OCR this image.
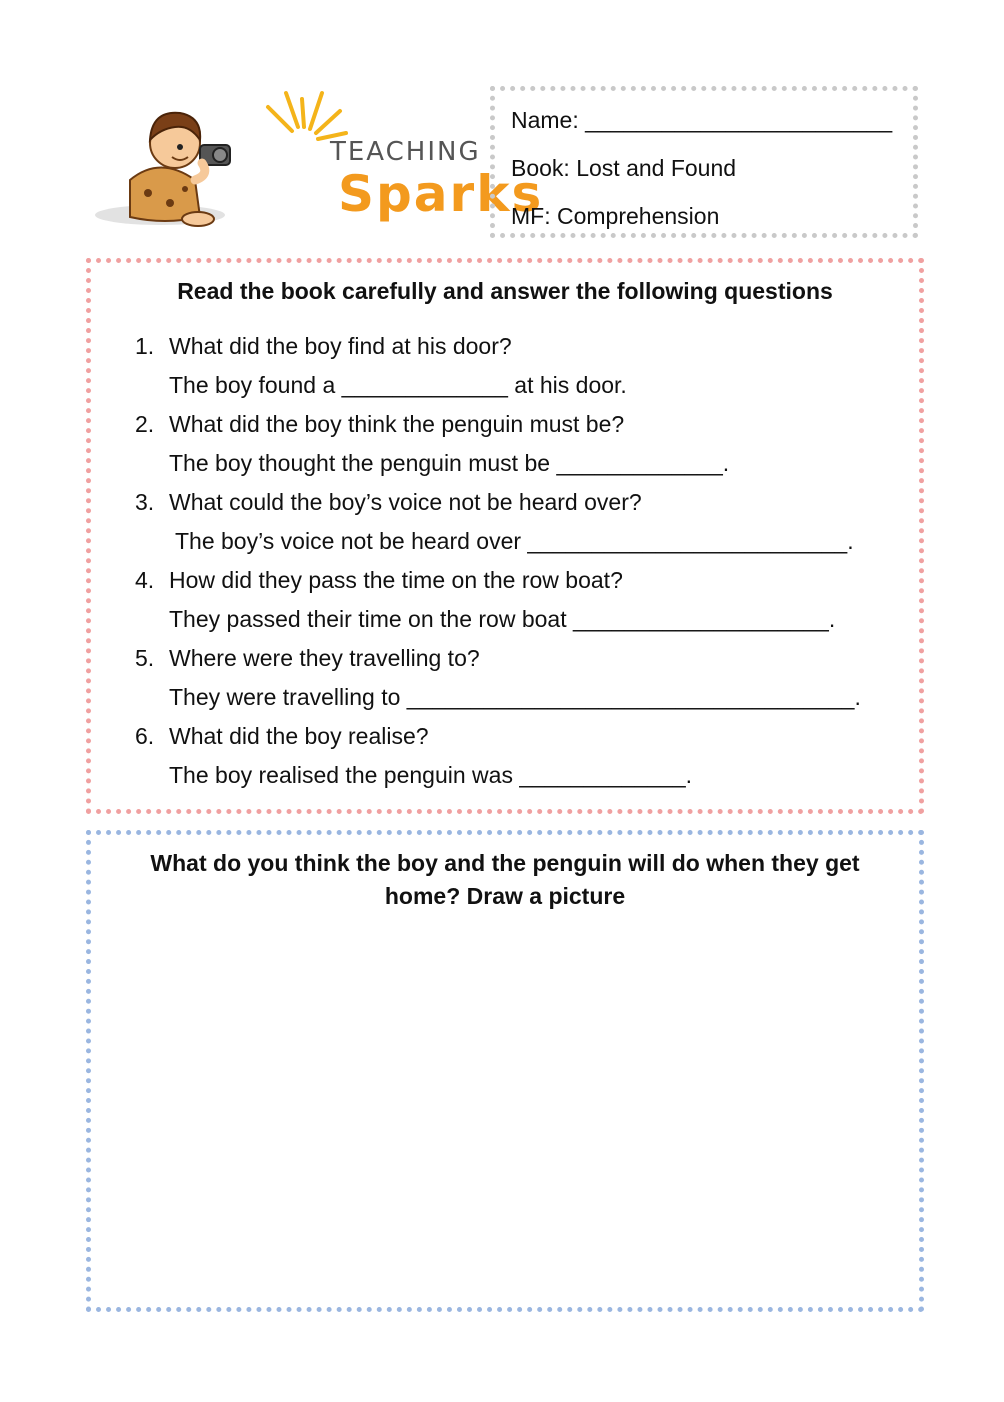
TEACHING
Sparks
Name: ________________________
Book: Lost and Found
MF: Comprehension
Read the book carefully and answer the following questions
1. What did the boy find at his door?
The boy found a _____________ at his door.
2. What did the boy think the penguin must be?
The boy thought the penguin must be _____________.
3. What could the boy’s voice not be heard over?
The boy’s voice not be heard over _________________________.
4. How did they pass the time on the row boat?
They passed their time on the row boat ____________________.
5. Where were they travelling to?
They were travelling to ___________________________________.
6. What did the boy realise?
The boy realised the penguin was _____________.
What do you think the boy and the penguin will do when they get home? Draw a picture
